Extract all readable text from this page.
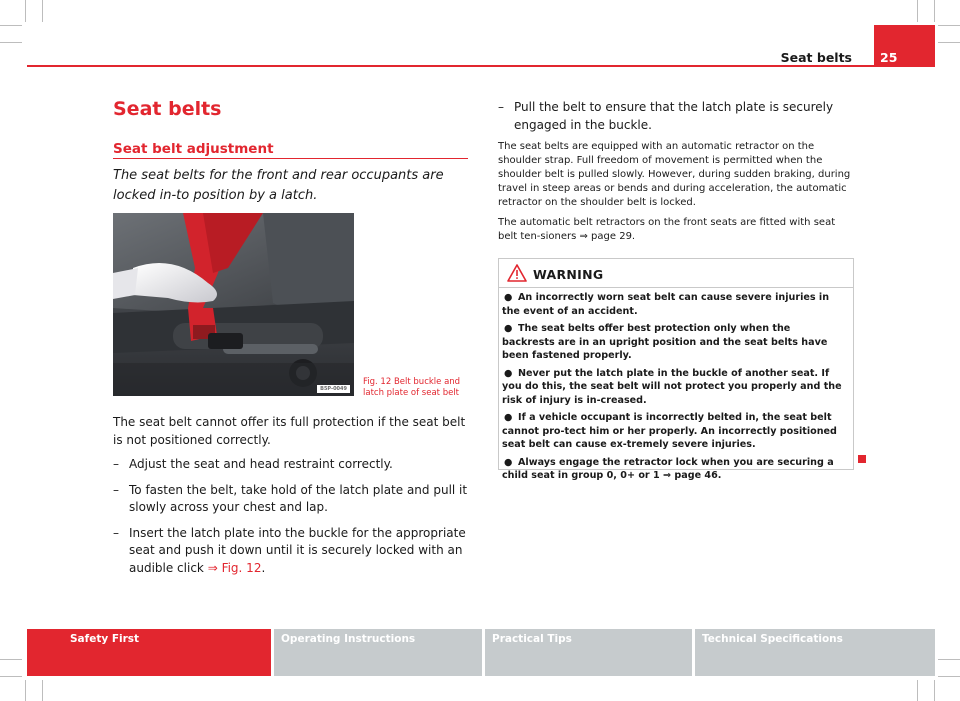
25
Seat belts
Seat belts
Seat belt adjustment

The seat belts for the front and rear occupants are locked in-to position by a latch.

B5P-0049
Fig. 12 Belt buckle and latch plate of seat belt

The seat belt cannot offer its full protection if the seat belt is not positioned correctly.

– Adjust the seat and head restraint correctly.
– To fasten the belt, take hold of the latch plate and pull it slowly across your chest and lap.
– Insert the latch plate into the buckle for the appropriate seat and push it down until it is securely locked with an audible click ⇒ Fig. 12.

– Pull the belt to ensure that the latch plate is securely engaged in the buckle.

The seat belts are equipped with an automatic retractor on the shoulder strap. Full freedom of movement is permitted when the shoulder belt is pulled slowly. However, during sudden braking, during travel in steep areas or bends and during acceleration, the automatic retractor on the shoulder belt is locked.

The automatic belt retractors on the front seats are fitted with seat belt ten-sioners ⇒ page 29.

WARNING
● An incorrectly worn seat belt can cause severe injuries in the event of an accident.
● The seat belts offer best protection only when the backrests are in an upright position and the seat belts have been fastened properly.
● Never put the latch plate in the buckle of another seat. If you do this, the seat belt will not protect you properly and the risk of injury is in-creased.
● If a vehicle occupant is incorrectly belted in, the seat belt cannot pro-tect him or her properly. An incorrectly positioned seat belt can cause ex-tremely severe injuries.
● Always engage the retractor lock when you are securing a child seat in group 0, 0+ or 1 ⇒ page 46.
Safety First	Operating Instructions	Practical Tips	Technical Specifications
